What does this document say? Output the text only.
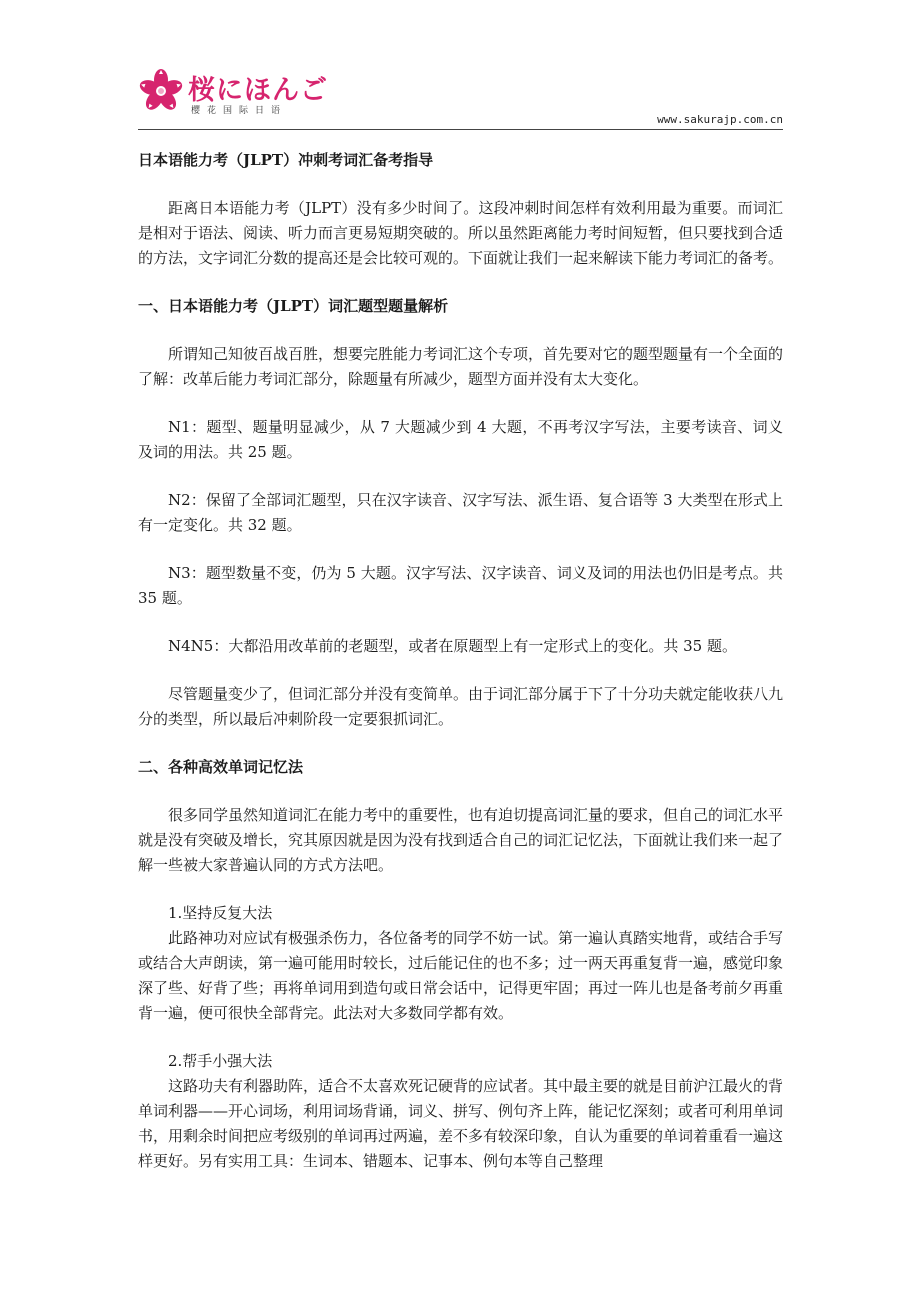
桜にほんご
樱花国际日语
www.sakurajp.com.cn

日本语能力考（JLPT）冲刺考词汇备考指导

距离日本语能力考（JLPT）没有多少时间了。这段冲刺时间怎样有效利用最为重要。而词汇是相对于语法、阅读、听力而言更易短期突破的。所以虽然距离能力考时间短暂，但只要找到合适的方法，文字词汇分数的提高还是会比较可观的。下面就让我们一起来解读下能力考词汇的备考。

一、日本语能力考（JLPT）词汇题型题量解析

所谓知己知彼百战百胜，想要完胜能力考词汇这个专项，首先要对它的题型题量有一个全面的了解：改革后能力考词汇部分，除题量有所减少，题型方面并没有太大变化。

N1：题型、题量明显减少，从 7 大题减少到 4 大题，不再考汉字写法，主要考读音、词义及词的用法。共 25 题。

N2：保留了全部词汇题型，只在汉字读音、汉字写法、派生语、复合语等 3 大类型在形式上有一定变化。共 32 题。

N3：题型数量不变，仍为 5 大题。汉字写法、汉字读音、词义及词的用法也仍旧是考点。共 35 题。

N4N5：大都沿用改革前的老题型，或者在原题型上有一定形式上的变化。共 35 题。

尽管题量变少了，但词汇部分并没有变简单。由于词汇部分属于下了十分功夫就定能收获八九分的类型，所以最后冲刺阶段一定要狠抓词汇。

二、各种高效单词记忆法

很多同学虽然知道词汇在能力考中的重要性，也有迫切提高词汇量的要求，但自己的词汇水平就是没有突破及增长，究其原因就是因为没有找到适合自己的词汇记忆法，下面就让我们来一起了解一些被大家普遍认同的方式方法吧。

1.坚持反复大法

此路神功对应试有极强杀伤力，各位备考的同学不妨一试。第一遍认真踏实地背，或结合手写或结合大声朗读，第一遍可能用时较长，过后能记住的也不多；过一两天再重复背一遍，感觉印象深了些、好背了些；再将单词用到造句或日常会话中，记得更牢固；再过一阵儿也是备考前夕再重背一遍，便可很快全部背完。此法对大多数同学都有效。

2.帮手小强大法

这路功夫有利器助阵，适合不太喜欢死记硬背的应试者。其中最主要的就是目前沪江最火的背单词利器——开心词场，利用词场背诵，词义、拼写、例句齐上阵，能记忆深刻；或者可利用单词书，用剩余时间把应考级别的单词再过两遍，差不多有较深印象，自认为重要的单词着重看一遍这样更好。另有实用工具：生词本、错题本、记事本、例句本等自己整理
